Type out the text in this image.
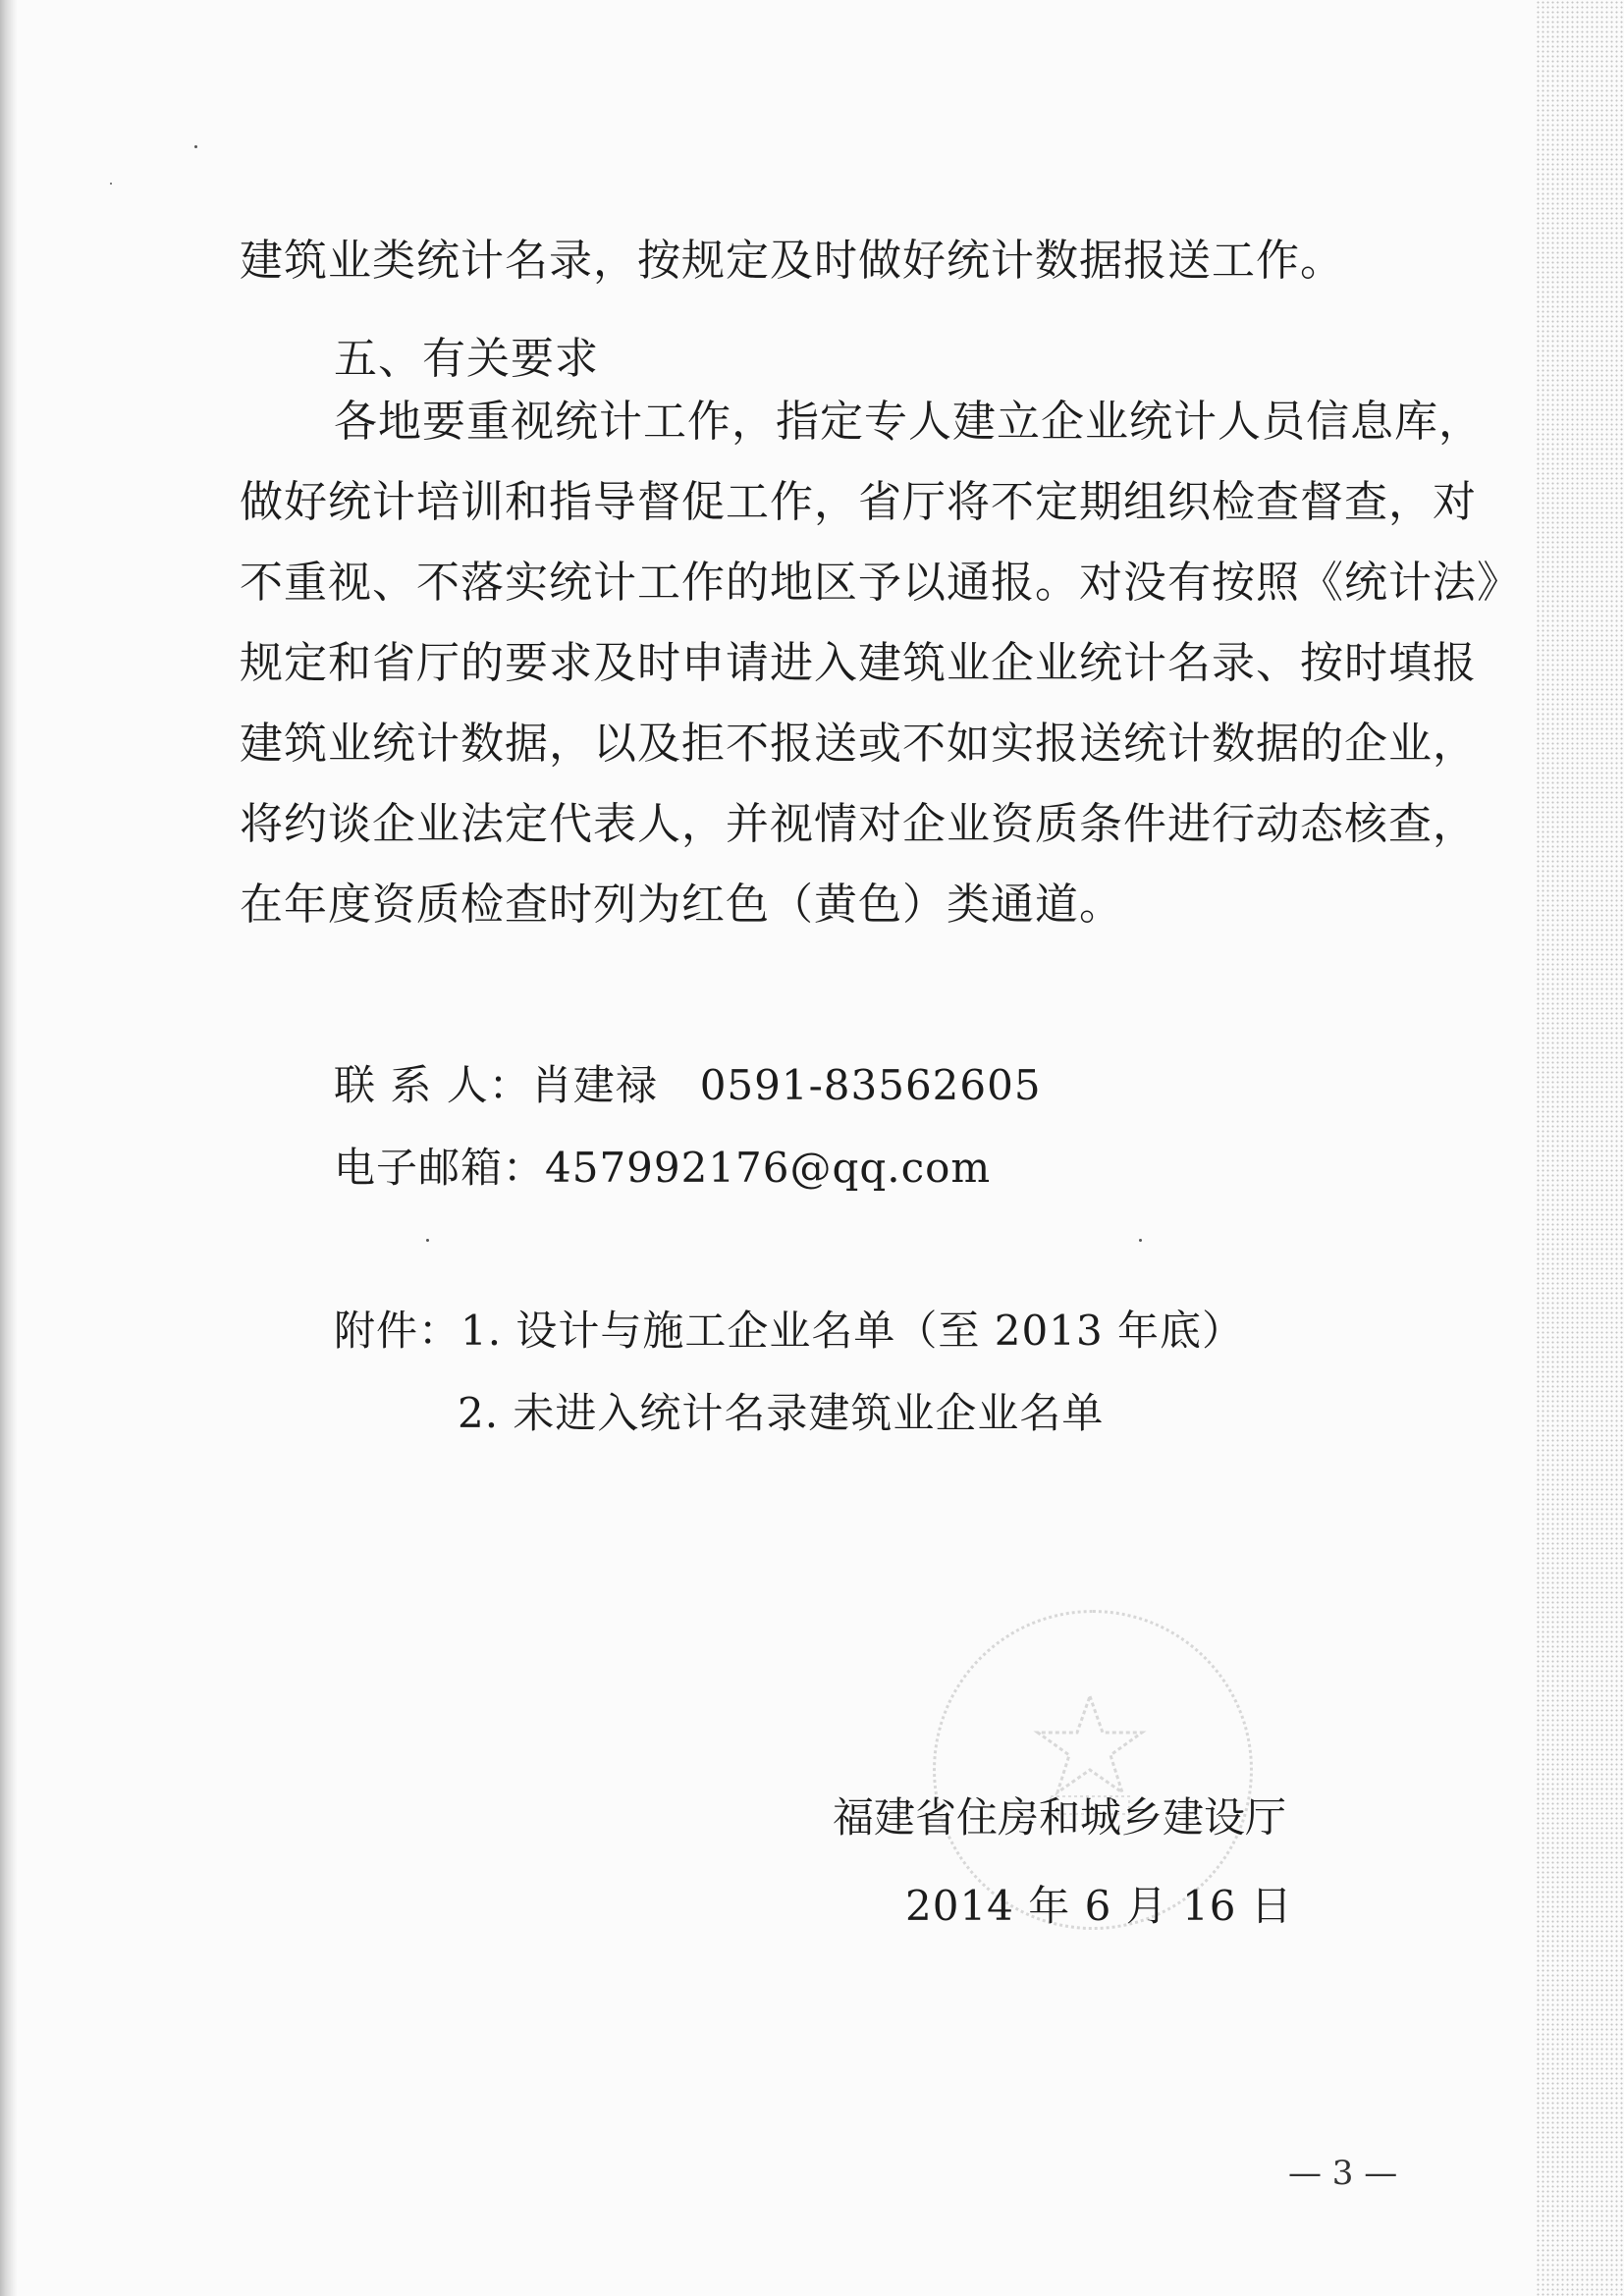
建筑业类统计名录，按规定及时做好统计数据报送工作。
五、有关要求
各地要重视统计工作，指定专人建立企业统计人员信息库，
做好统计培训和指导督促工作，省厅将不定期组织检查督查，对
不重视、不落实统计工作的地区予以通报。对没有按照《统计法》
规定和省厅的要求及时申请进入建筑业企业统计名录、按时填报
建筑业统计数据，以及拒不报送或不如实报送统计数据的企业，
将约谈企业法定代表人，并视情对企业资质条件进行动态核查，
在年度资质检查时列为红色（黄色）类通道。
联 系 人：肖建禄　0591-83562605
电子邮箱：457992176@qq.com
附件：1. 设计与施工企业名单（至 2013 年底）
2. 未进入统计名录建筑业企业名单
福建省住房和城乡建设厅
2014 年 6 月 16 日
— 3 —
